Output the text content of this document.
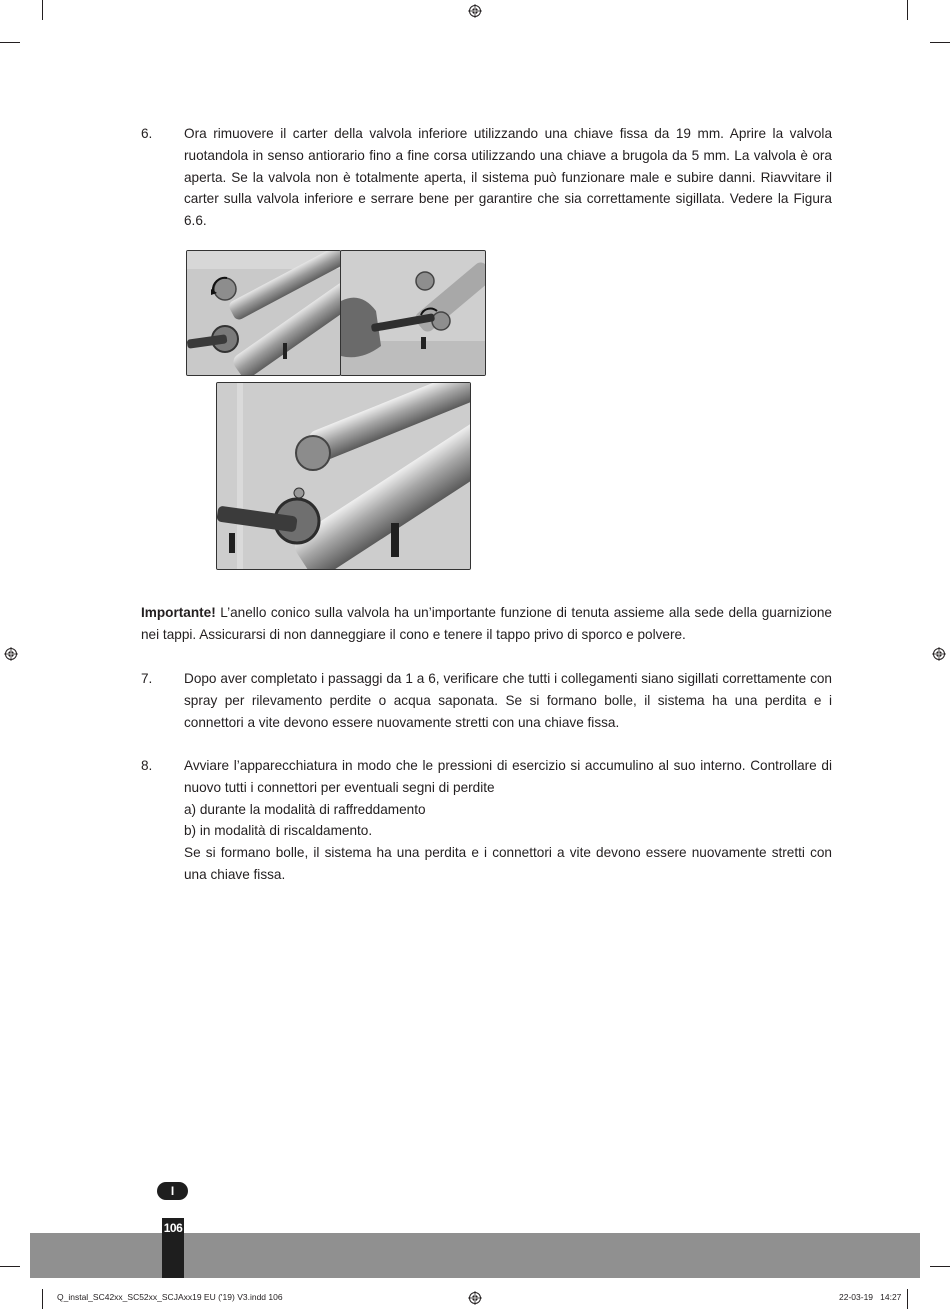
6. Ora rimuovere il carter della valvola inferiore utilizzando una chiave fissa da 19 mm. Aprire la valvola ruotandola in senso antiorario fino a fine corsa utilizzando una chiave a brugola da 5 mm. La valvola è ora aperta. Se la valvola non è totalmente aperta, il sistema può funzionare male e subire danni. Riavvitare il carter sulla valvola inferiore e serrare bene per garantire che sia correttamente sigillata. Vedere la Figura 6.6.
Importante! L’anello conico sulla valvola ha un’importante funzione di tenuta assieme alla sede della guarnizione nei tappi. Assicurarsi di non danneggiare il cono e tenere il tappo privo di sporco e polvere.
7. Dopo aver completato i passaggi da 1 a 6, verificare che tutti i collegamenti siano sigillati correttamente con spray per rilevamento perdite o acqua saponata. Se si formano bolle, il sistema ha una perdita e i connettori a vite devono essere nuovamente stretti con una chiave fissa.
8. Avviare l’apparecchiatura in modo che le pressioni di esercizio si accumulino al suo interno. Controllare di nuovo tutti i connettori per eventuali segni di perdite
a) durante la modalità di raffreddamento
b) in modalità di riscaldamento.
Se si formano bolle, il sistema ha una perdita e i connettori a vite devono essere nuovamente stretti con una chiave fissa.
I
106
Q_instal_SC42xx_SC52xx_SCJAxx19 EU ('19) V3.indd 106	22-03-19 14:27
